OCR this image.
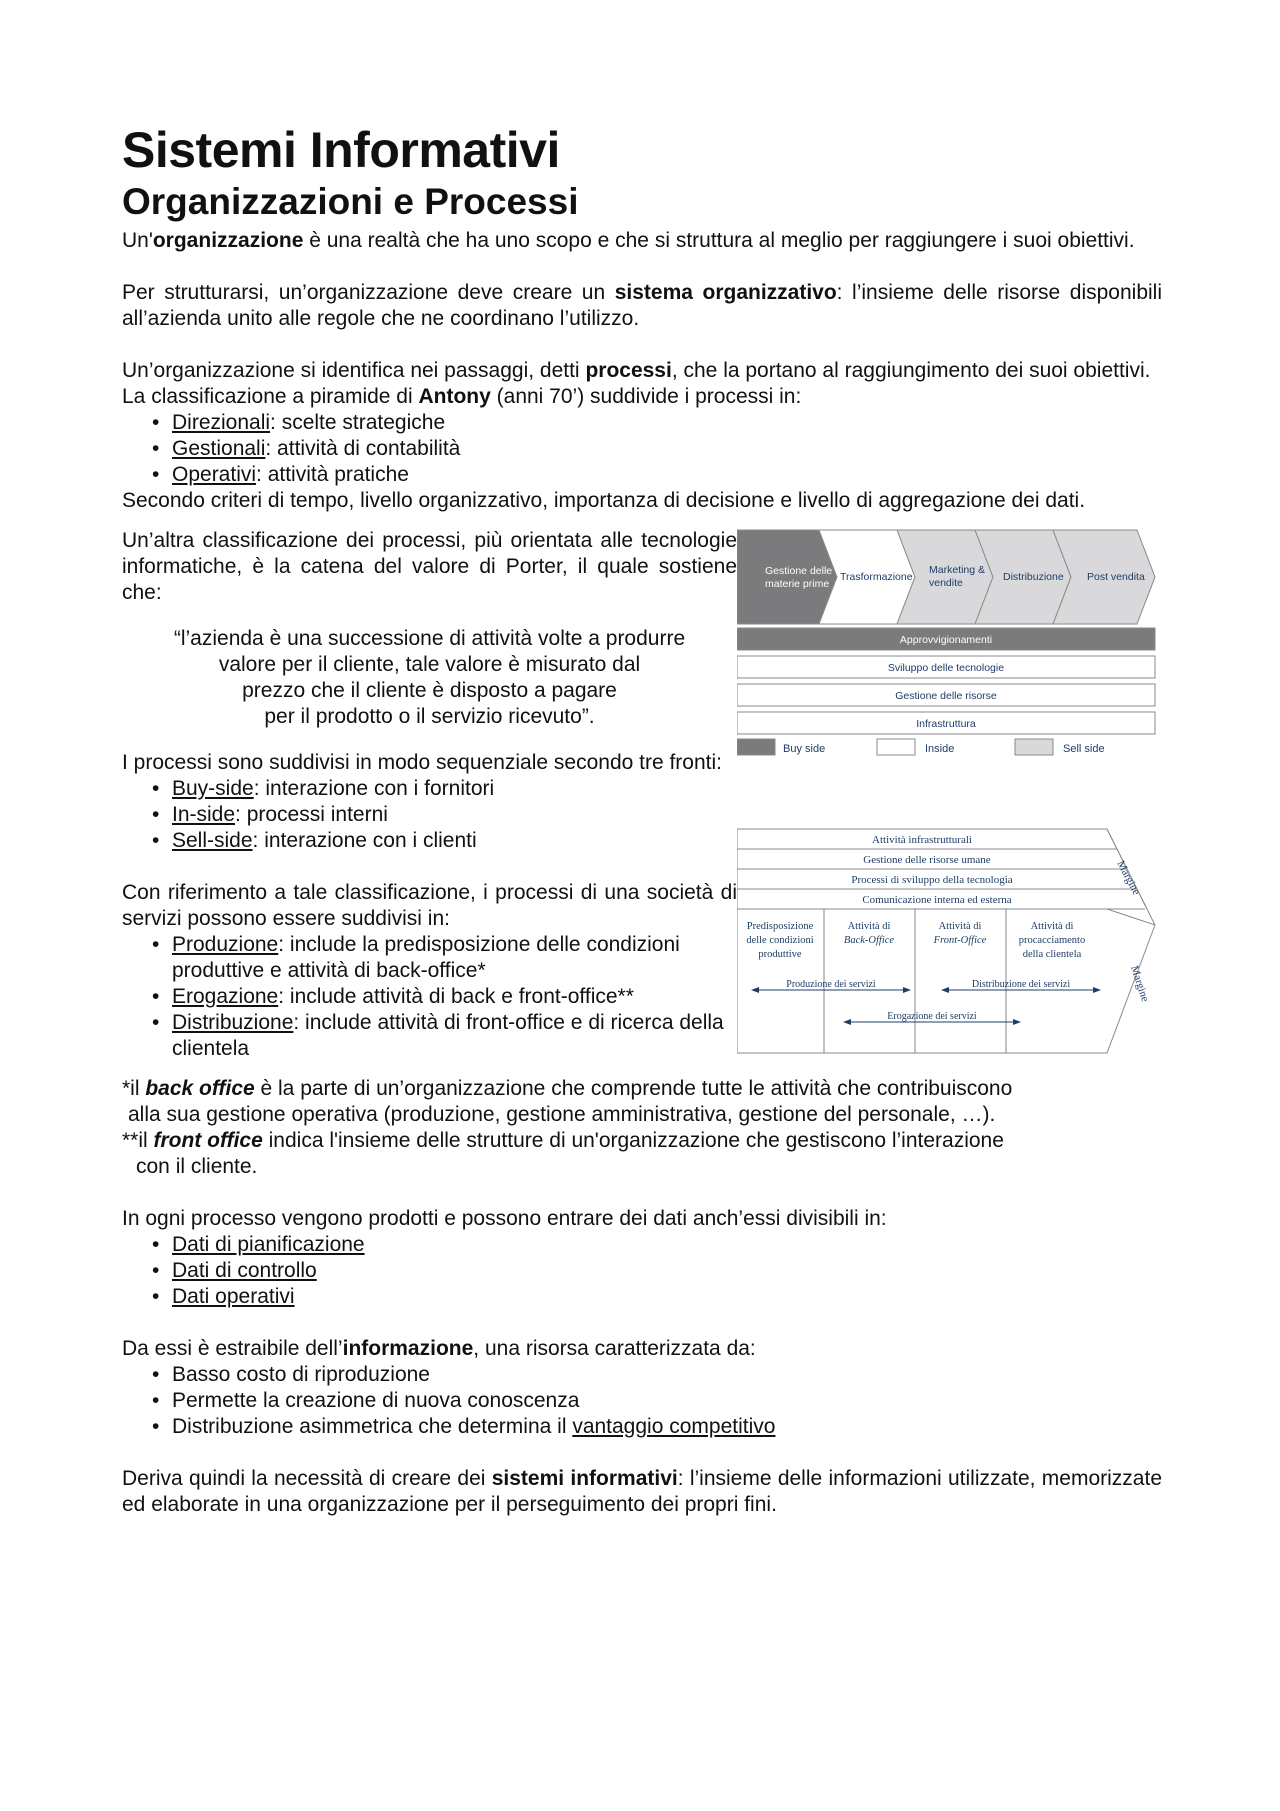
Sistemi Informativi
Organizzazioni e Processi

Un'organizzazione è una realtà che ha uno scopo e che si struttura al meglio per raggiungere i suoi obiettivi.

Per strutturarsi, un’organizzazione deve creare un sistema organizzativo: l’insieme delle risorse disponibili all’azienda unito alle regole che ne coordinano l’utilizzo.

Un’organizzazione si identifica nei passaggi, detti processi, che la portano al raggiungimento dei suoi obiettivi.

La classificazione a piramide di Antony (anni 70’) suddivide i processi in:

• Direzionali: scelte strategiche
• Gestionali: attività di contabilità
• Operativi: attività pratiche

Secondo criteri di tempo, livello organizzativo, importanza di decisione e livello di aggregazione dei dati.

Un’altra classificazione dei processi, più orientata alle tecnologie informatiche, è la catena del valore di Porter, il quale sostiene che:

“l’azienda è una successione di attività volte a produrre
valore per il cliente, tale valore è misurato dal
prezzo che il cliente è disposto a pagare
per il prodotto o il servizio ricevuto”.

I processi sono suddivisi in modo sequenziale secondo tre fronti:

• Buy-side: interazione con i fornitori
• In-side: processi interni
• Sell-side: interazione con i clienti

Con riferimento a tale classificazione, i processi di una società di servizi possono essere suddivisi in:

• Produzione: include la predisposizione delle condizioni produttive e attività di back-office*
• Erogazione: include attività di back e front-office**
• Distribuzione: include attività di front-office e di ricerca della clientela
Gestione delle
materie prime
Trasformazione
Marketing &
vendite	Distribuzione Post vendita
Approvvigionamenti
Sviluppo delle tecnologie
Gestione delle risorse
Infrastruttura
Buy side	Inside	Sell side
Attività infrastrutturali
Gestione delle risorse umane
Processi di sviluppo della tecnologia
Comunicazione interna ed esterna
Predisposizione
delle condizioni
produttive
Attività di
Back-Office
Attività di
Front-Office
Attività di
procacciamento
della clientela
Produzione dei servizi	Distribuzione dei servizi
Erogazione dei servizi
Margine
Margine

*il back office è la parte di un’organizzazione che comprende tutte le attività che contribuiscono

alla sua gestione operativa (produzione, gestione amministrativa, gestione del personale, …).

**il front office indica l'insieme delle strutture di un'organizzazione che gestiscono l’interazione

con il cliente.

In ogni processo vengono prodotti e possono entrare dei dati anch’essi divisibili in:

• Dati di pianificazione
• Dati di controllo
• Dati operativi

Da essi è estraibile dell’informazione, una risorsa caratterizzata da:

• Basso costo di riproduzione
• Permette la creazione di nuova conoscenza
• Distribuzione asimmetrica che determina il vantaggio competitivo

Deriva quindi la necessità di creare dei sistemi informativi: l’insieme delle informazioni utilizzate, memorizzate ed elaborate in una organizzazione per il perseguimento dei propri fini.
